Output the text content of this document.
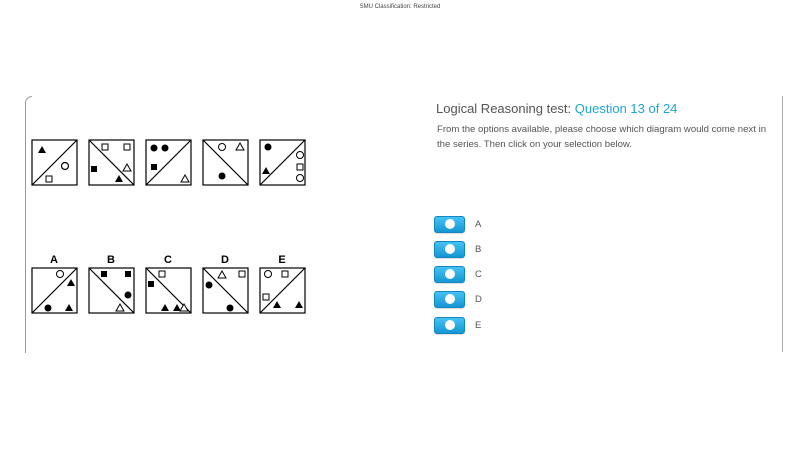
SMU Classification: Restricted
A	B	C	D	E
Logical Reasoning test: Question 13 of 24
From the options available, please choose which diagram would come next in the series. Then click on your selection below.
A
B
C
D
E
